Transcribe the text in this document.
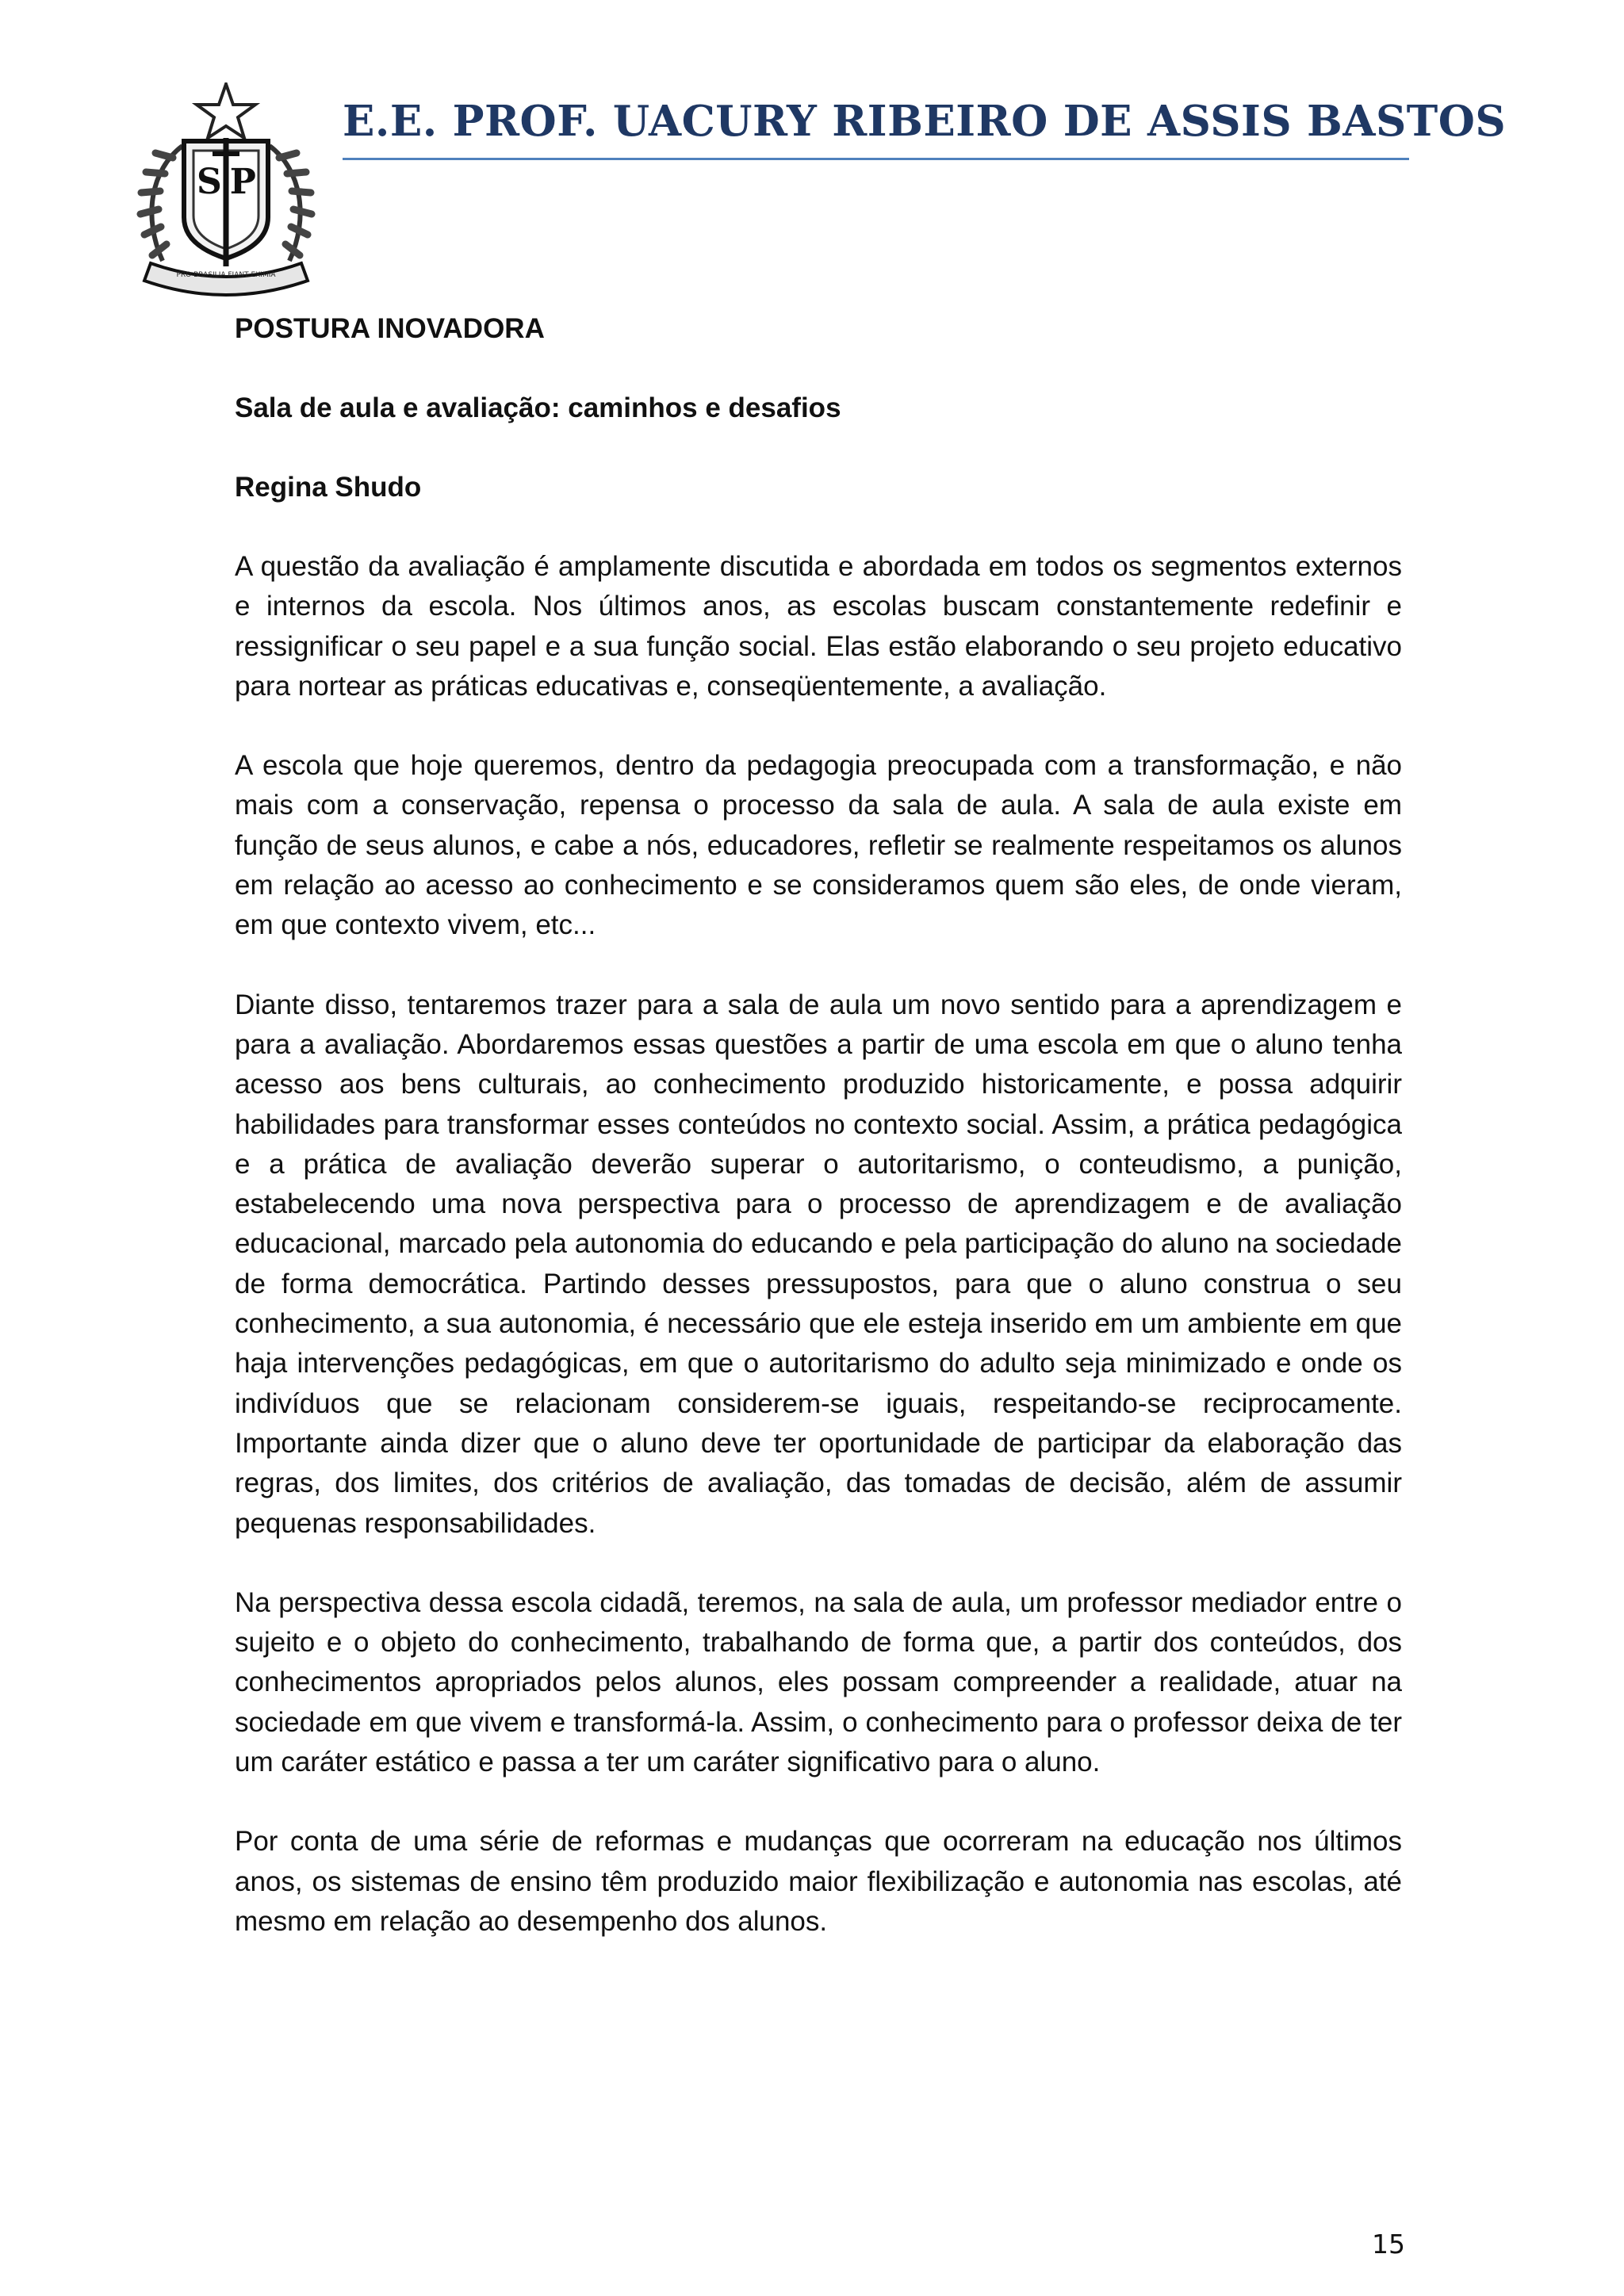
SP
PRO BRASILIA FIANT EXIMIA
E.E. PROF. UACURY RIBEIRO DE ASSIS BASTOS
POSTURA INOVADORA
Sala de aula e avaliação: caminhos e desafios
Regina Shudo

A questão da avaliação é amplamente discutida e abordada em todos os segmentos externos e internos da escola. Nos últimos anos, as escolas buscam constantemente redefinir e ressignificar o seu papel e a sua função social. Elas estão elaborando o seu projeto educativo para nortear as práticas educativas e, conseqüentemente, a avaliação.

A escola que hoje queremos, dentro da pedagogia preocupada com a transformação, e não mais com a conservação, repensa o processo da sala de aula. A sala de aula existe em função de seus alunos, e cabe a nós, educadores, refletir se realmente respeitamos os alunos em relação ao acesso ao conhecimento e se consideramos quem são eles, de onde vieram, em que contexto vivem, etc...

Diante disso, tentaremos trazer para a sala de aula um novo sentido para a aprendizagem e para a avaliação. Abordaremos essas questões a partir de uma escola em que o aluno tenha acesso aos bens culturais, ao conhecimento produzido historicamente, e possa adquirir habilidades para transformar esses conteúdos no contexto social. Assim, a prática pedagógica e a prática de avaliação deverão superar o autoritarismo, o conteudismo, a punição, estabelecendo uma nova perspectiva para o processo de aprendizagem e de avaliação educacional, marcado pela autonomia do educando e pela participação do aluno na sociedade de forma democrática. Partindo desses pressupostos, para que o aluno construa o seu conhecimento, a sua autonomia, é necessário que ele esteja inserido em um ambiente em que haja intervenções pedagógicas, em que o autoritarismo do adulto seja minimizado e onde os indivíduos que se relacionam considerem-se iguais, respeitando-se reciprocamente. Importante ainda dizer que o aluno deve ter oportunidade de participar da elaboração das regras, dos limites, dos critérios de avaliação, das tomadas de decisão, além de assumir pequenas responsabilidades.

Na perspectiva dessa escola cidadã, teremos, na sala de aula, um professor mediador entre o sujeito e o objeto do conhecimento, trabalhando de forma que, a partir dos conteúdos, dos conhecimentos apropriados pelos alunos, eles possam compreender a realidade, atuar na sociedade em que vivem e transformá-la. Assim, o conhecimento para o professor deixa de ter um caráter estático e passa a ter um caráter significativo para o aluno.

Por conta de uma série de reformas e mudanças que ocorreram na educação nos últimos anos, os sistemas de ensino têm produzido maior flexibilização e autonomia nas escolas, até mesmo em relação ao desempenho dos alunos.

15
